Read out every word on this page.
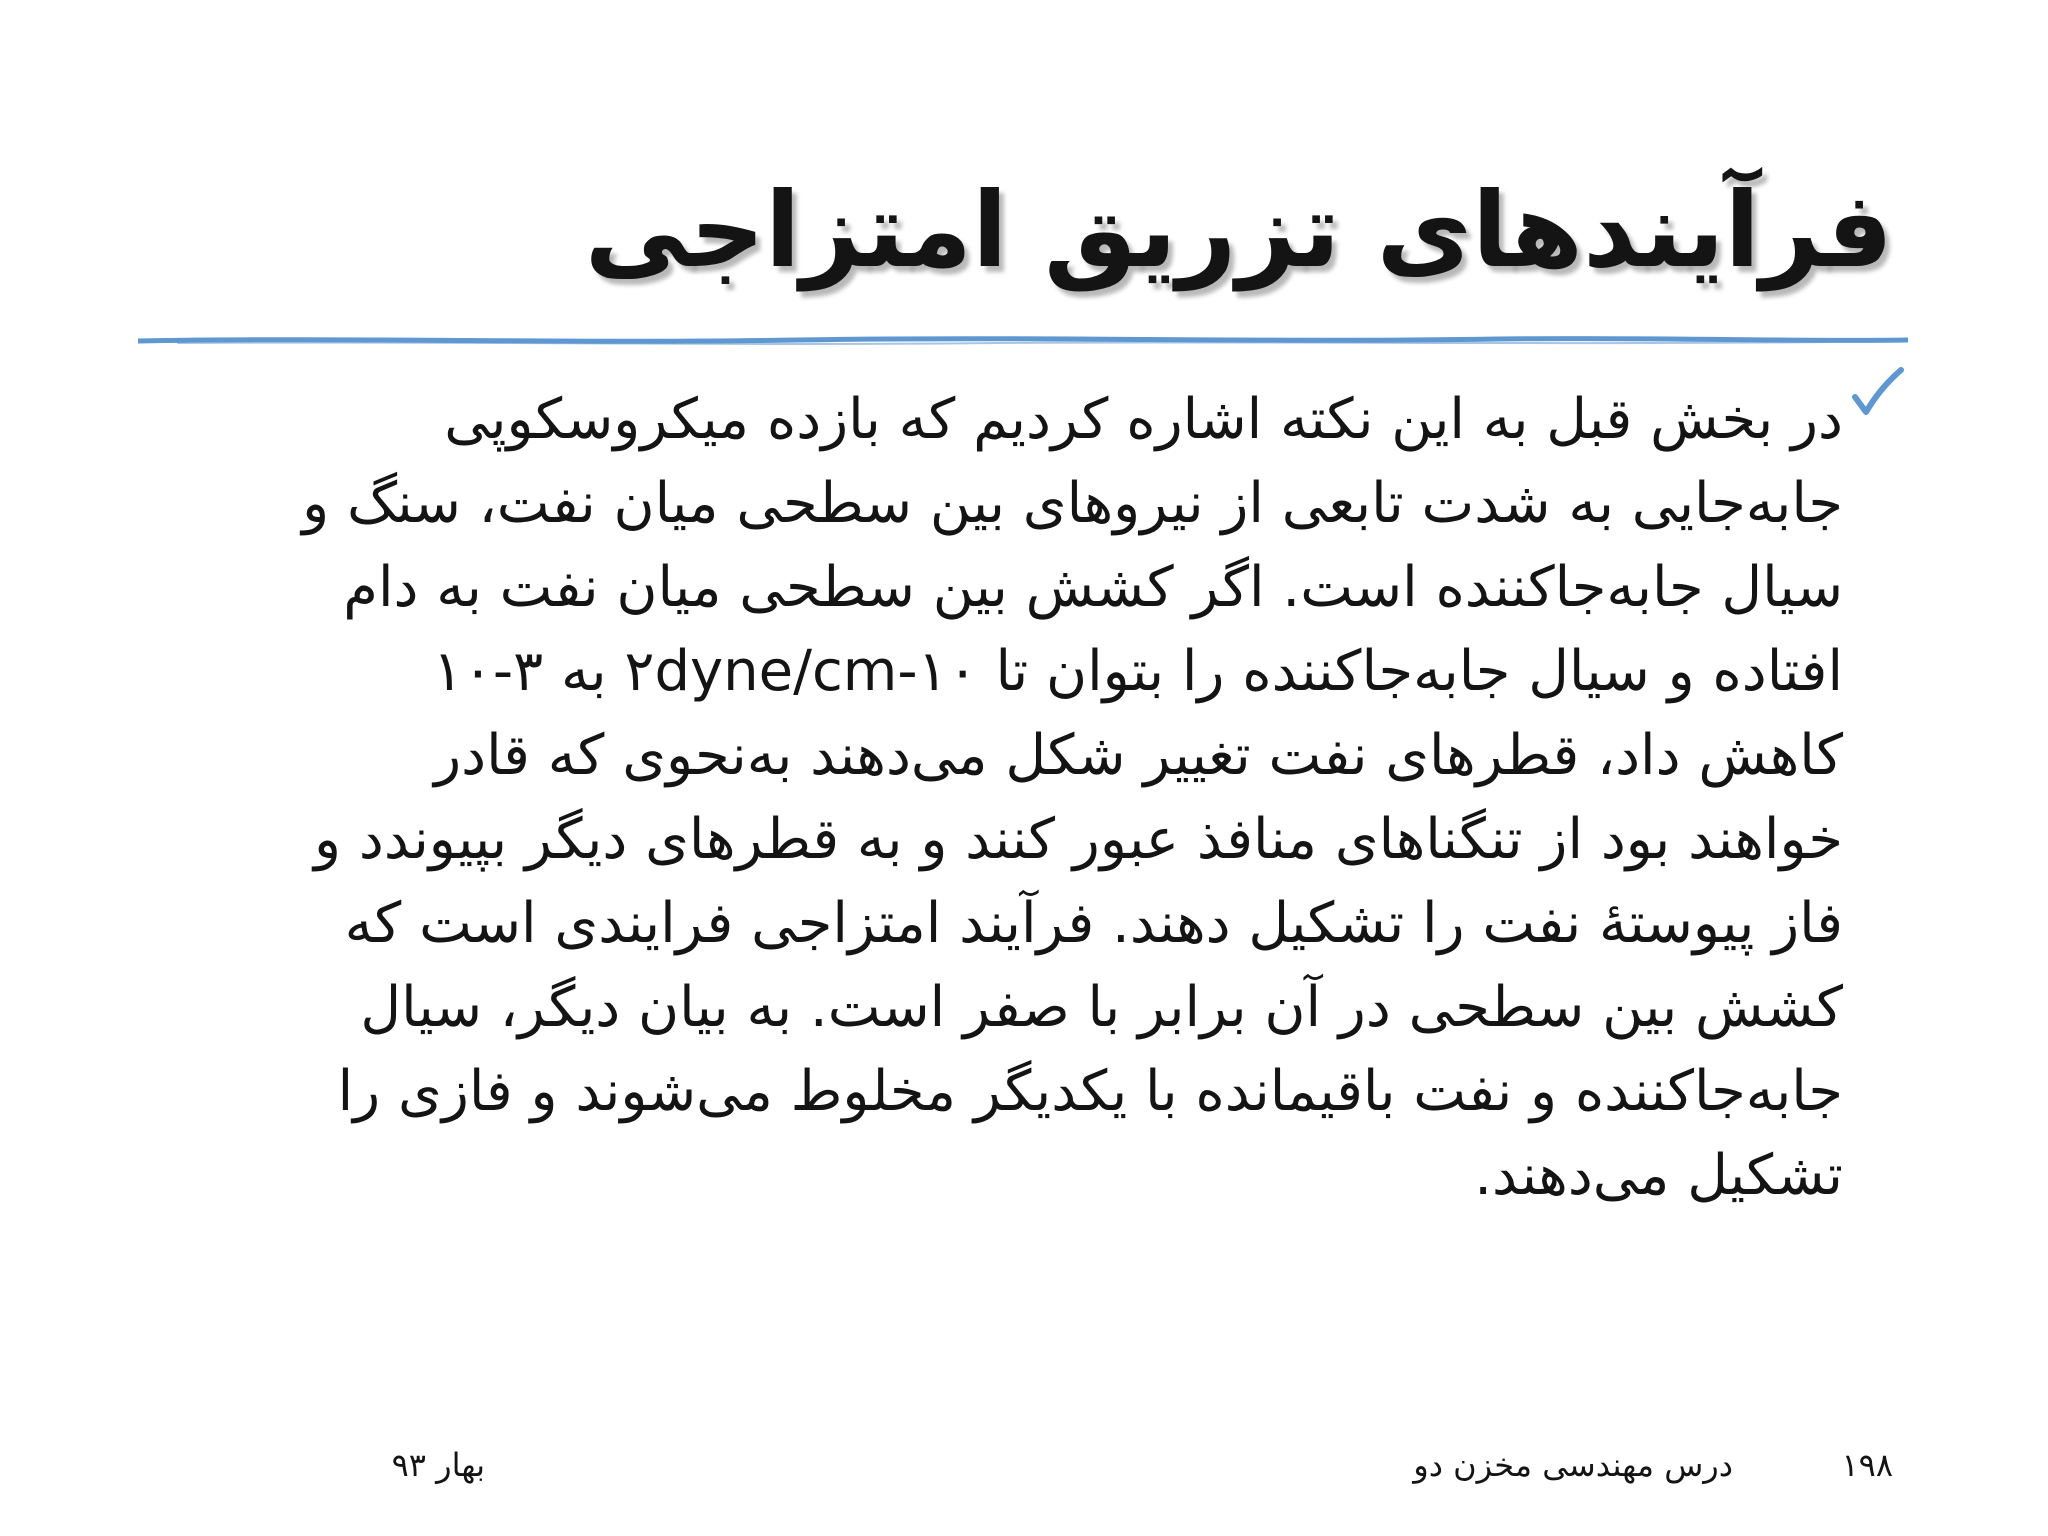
فرآیندهای تزریق امتزاجی
در بخش قبل به این نکته اشاره کردیم که بازده میکروسکوپی
جابه‌جایی به شدت تابعی از نیروهای بین سطحی میان نفت، سنگ و
سیال جابه‌جاکننده است. اگر کشش بین سطحی میان نفت به دام
افتاده و سیال جابه‌جاکننده را بتوان تا ۱۰-۲dyne/cm به ۳-۱۰
کاهش داد، قطرهای نفت تغییر شکل می‌دهند به‌نحوی که قادر
خواهند بود از تنگناهای منافذ عبور کنند و به قطرهای دیگر بپیوندد و
فاز پیوستهٔ نفت را تشکیل دهند. فرآیند امتزاجی فرایندی است که
کشش بین سطحی در آن برابر با صفر است. به بیان دیگر، سیال
جابه‌جاکننده و نفت باقیمانده با یکدیگر مخلوط می‌شوند و فازی را
تشکیل می‌دهند.
۱۹۸
درس مهندسی مخزن دو
بهار ۹۳
